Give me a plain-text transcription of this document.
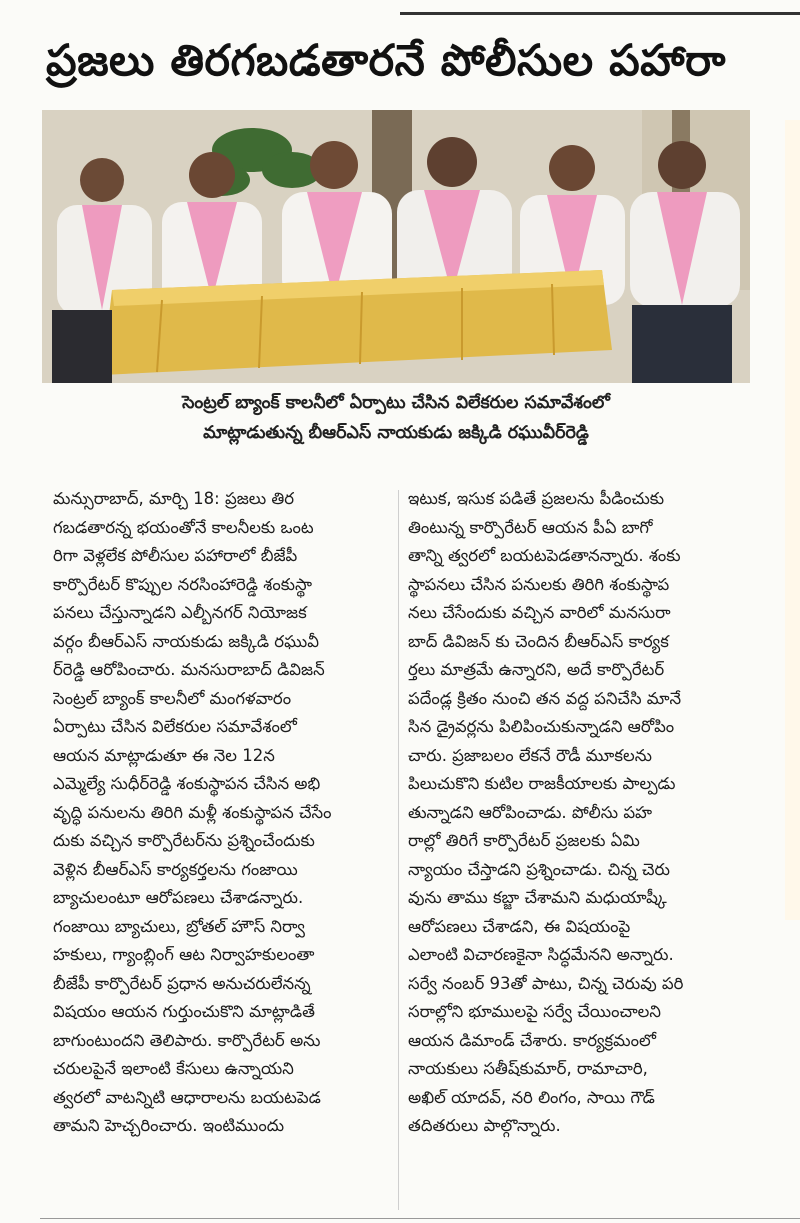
ప్రజలు తిరగబడతారనే పోలీసుల పహారా
సెంట్రల్‌ బ్యాంక్‌ కాలనీలో ఏర్పాటు చేసిన విలేకరుల సమావేశంలో
మాట్లాడుతున్న బీఆర్‌ఎస్‌ నాయకుడు జక్కిడి రఘువీర్‌రెడ్డి
మన్సురాబాద్‌, మార్చి 18: ప్రజలు తిర
గబడతారన్న భయంతోనే కాలనీలకు ఒంట
రిగా వెళ్లలేక పోలీసుల పహారాలో బీజేపీ
కార్పొరేటర్‌ కొప్పుల నరసింహారెడ్డి శంకుస్థా
పనలు చేస్తున్నాడని ఎల్బీనగర్‌ నియోజక
వర్గం బీఆర్‌ఎస్‌ నాయకుడు జక్కిడి రఘువీ
ర్‌రెడ్డి ఆరోపించారు. మనసురాబాద్‌ డివిజన్‌
సెంట్రల్‌ బ్యాంక్‌ కాలనీలో మంగళవారం
ఏర్పాటు చేసిన విలేకరుల సమావేశంలో
ఆయన మాట్లాడుతూ ఈ నెల 12న
ఎమ్మెల్యే సుధీర్‌రెడ్డి శంకుస్థాపన చేసిన అభి
వృద్ధి పనులను తిరిగి మళ్లీ శంకుస్థాపన చేసేం
దుకు వచ్చిన కార్పొరేటర్‌ను ప్రశ్నించేందుకు
వెళ్లిన బీఆర్‌ఎస్‌ కార్యకర్తలను గంజాయి
బ్యాచులంటూ ఆరోపణలు చేశాడన్నారు.
గంజాయి బ్యాచులు, బ్రోతల్‌ హౌస్‌ నిర్వా
హకులు, గ్యాంబ్లింగ్‌ ఆట నిర్వాహకులంతా
బీజేపీ కార్పొరేటర్‌ ప్రధాన అనుచరులేనన్న
విషయం ఆయన గుర్తుంచుకొని మాట్లాడితే
బాగుంటుందని తెలిపారు. కార్పొరేటర్‌ అను
చరులపైనే ఇలాంటి కేసులు ఉన్నాయని
త్వరలో వాటన్నిటి ఆధారాలను బయటపెడ
తామని హెచ్చరించారు. ఇంటిముందు
ఇటుక, ఇసుక పడితే ప్రజలను పీడించుకు
తింటున్న కార్పొరేటర్‌ ఆయన పీఏ బాగో
తాన్ని త్వరలో బయటపెడతానన్నారు. శంకు
స్థాపనలు చేసిన పనులకు తిరిగి శంకుస్థాప
నలు చేసేందుకు వచ్చిన వారిలో మనసురా
బాద్‌ డివిజన్‌ కు చెందిన బీఆర్‌ఎస్‌ కార్యక
ర్తలు మాత్రమే ఉన్నారని, అదే కార్పొరేటర్‌
పదేండ్ల క్రితం నుంచి తన వద్ద పనిచేసి మానే
సిన డ్రైవర్లను పిలిపించుకున్నాడని ఆరోపిం
చారు. ప్రజాబలం లేకనే రౌడీ మూకలను
పిలుచుకొని కుటిల రాజకీయాలకు పాల్పడు
తున్నాడని ఆరోపించాడు. పోలీసు పహ
రాల్లో తిరిగే కార్పొరేటర్‌ ప్రజలకు ఏమి
న్యాయం చేస్తాడని ప్రశ్నించాడు. చిన్న చెరు
వును తాము కబ్జా చేశామని మధుయాష్కీ
ఆరోపణలు చేశాడని, ఈ విషయంపై
ఎలాంటి విచారణకైనా సిద్ధమేనని అన్నారు.
సర్వే నంబర్‌ 93తో పాటు, చిన్న చెరువు పరి
సరాల్లోని భూములపై సర్వే చేయించాలని
ఆయన డిమాండ్‌ చేశారు. కార్యక్రమంలో
నాయకులు సతీష్‌కుమార్‌, రామాచారి,
అఖిల్‌ యాదవ్‌, నరి లింగం, సాయి గౌడ్‌
తదితరులు పాల్గొన్నారు.
